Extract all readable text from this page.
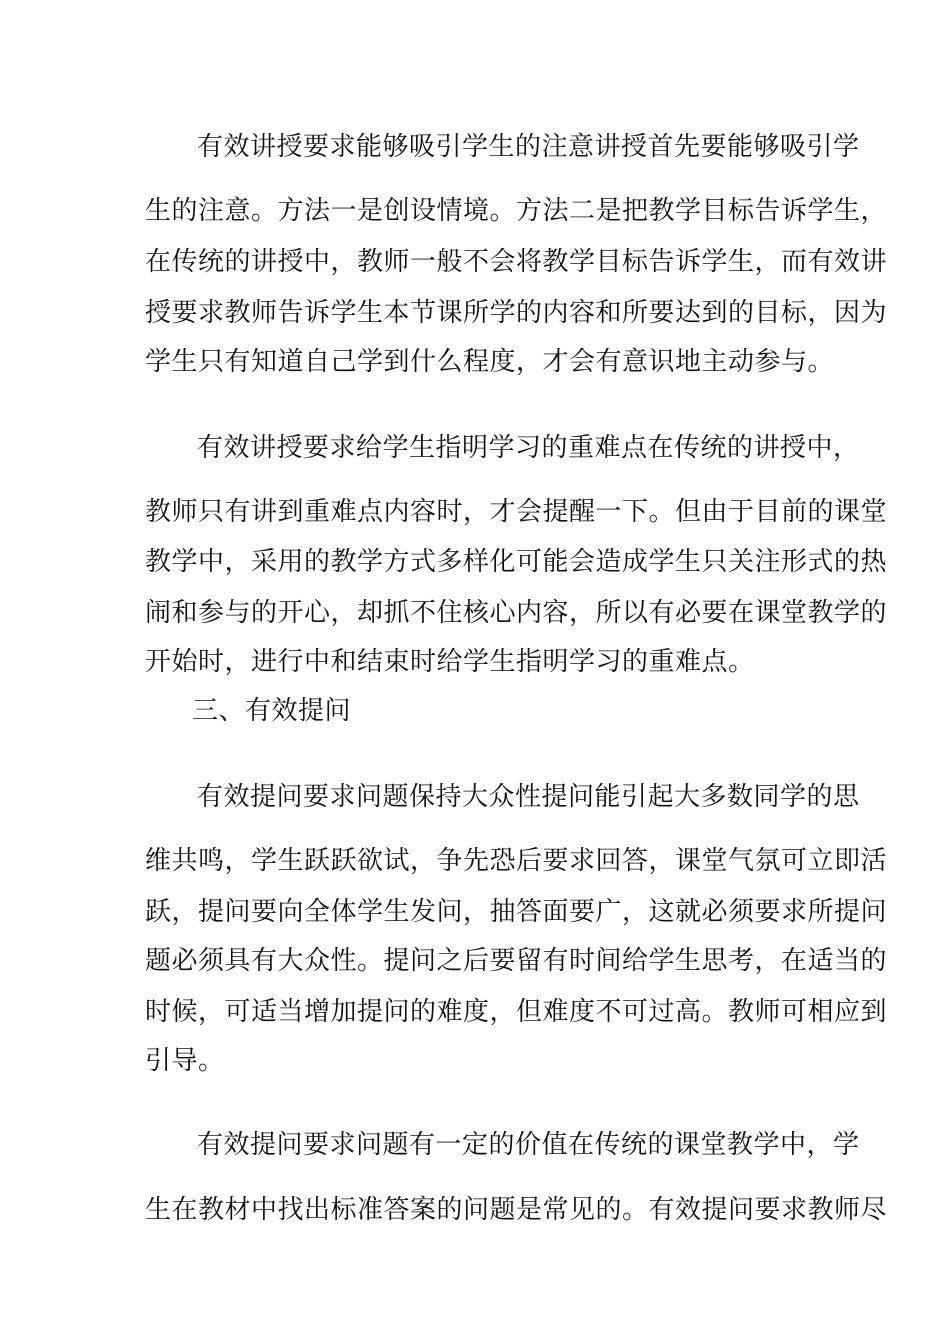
有效讲授要求能够吸引学生的注意讲授首先要能够吸引学
生的注意。方法一是创设情境。方法二是把教学目标告诉学生，
在传统的讲授中，教师一般不会将教学目标告诉学生，而有效讲
授要求教师告诉学生本节课所学的内容和所要达到的目标，因为
学生只有知道自己学到什么程度，才会有意识地主动参与。
有效讲授要求给学生指明学习的重难点在传统的讲授中，
教师只有讲到重难点内容时，才会提醒一下。但由于目前的课堂
教学中，采用的教学方式多样化可能会造成学生只关注形式的热
闹和参与的开心，却抓不住核心内容，所以有必要在课堂教学的
开始时，进行中和结束时给学生指明学习的重难点。
三、有效提问
有效提问要求问题保持大众性提问能引起大多数同学的思
维共鸣，学生跃跃欲试，争先恐后要求回答，课堂气氛可立即活
跃，提问要向全体学生发问，抽答面要广，这就必须要求所提问
题必须具有大众性。提问之后要留有时间给学生思考，在适当的
时候，可适当增加提问的难度，但难度不可过高。教师可相应到
引导。
有效提问要求问题有一定的价值在传统的课堂教学中，学
生在教材中找出标准答案的问题是常见的。有效提问要求教师尽
